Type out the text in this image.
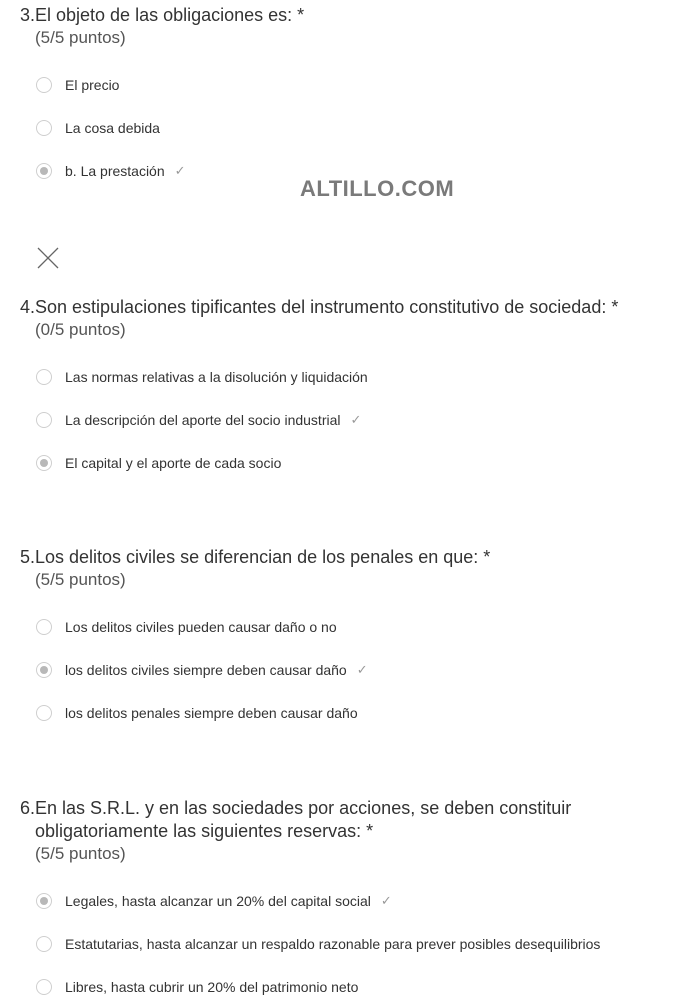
3. El objeto de las obligaciones es: *
(5/5 puntos)
El precio
La cosa debida
b. La prestación ✓
ALTILLO.COM
4. Son estipulaciones tipificantes del instrumento constitutivo de sociedad: *
(0/5 puntos)
Las normas relativas a la disolución y liquidación
La descripción del aporte del socio industrial ✓
El capital y el aporte de cada socio
5. Los delitos civiles se diferencian de los penales en que: *
(5/5 puntos)
Los delitos civiles pueden causar daño o no
los delitos civiles siempre deben causar daño ✓
los delitos penales siempre deben causar daño
6. En las S.R.L. y en las sociedades por acciones, se deben constituir obligatoriamente las siguientes reservas: *
(5/5 puntos)
Legales, hasta alcanzar un 20% del capital social ✓
Estatutarias, hasta alcanzar un respaldo razonable para prever posibles desequilibrios
Libres, hasta cubrir un 20% del patrimonio neto
